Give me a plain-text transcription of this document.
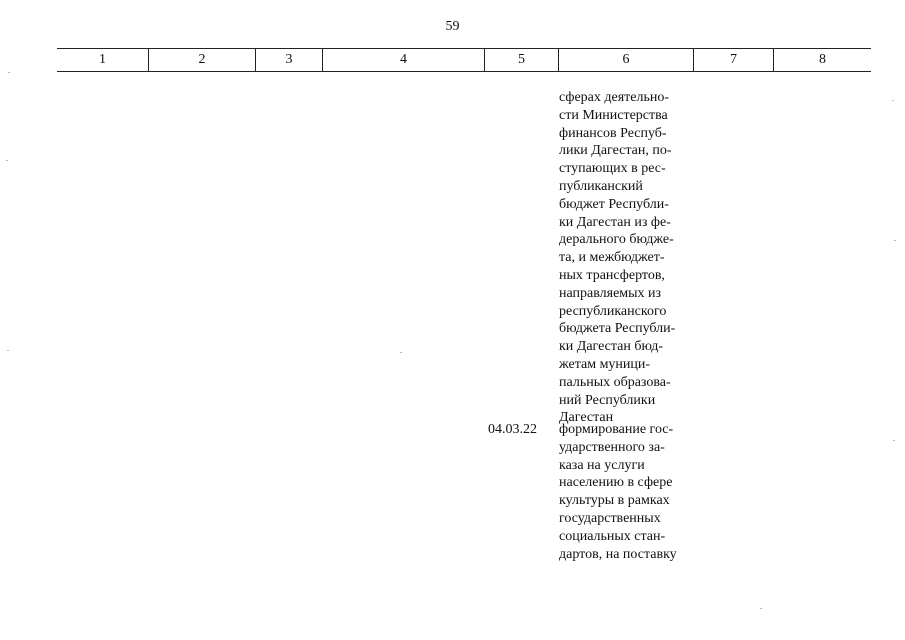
59
1	2	3	4	5	6	7	8
сферах деятельно-
сти Министерства
финансов Респуб-
лики Дагестан, по-
ступающих в рес-
публиканский
бюджет Республи-
ки Дагестан из фе-
дерального бюдже-
та, и межбюджет-
ных трансфертов,
направляемых из
республиканского
бюджета Республи-
ки Дагестан бюд-
жетам муници-
пальных образова-
ний Республики
Дагестан
04.03.22 формирование гос-
ударственного за-
каза на услуги
населению в сфере
культуры в рамках
государственных
социальных стан-
дартов, на поставку
